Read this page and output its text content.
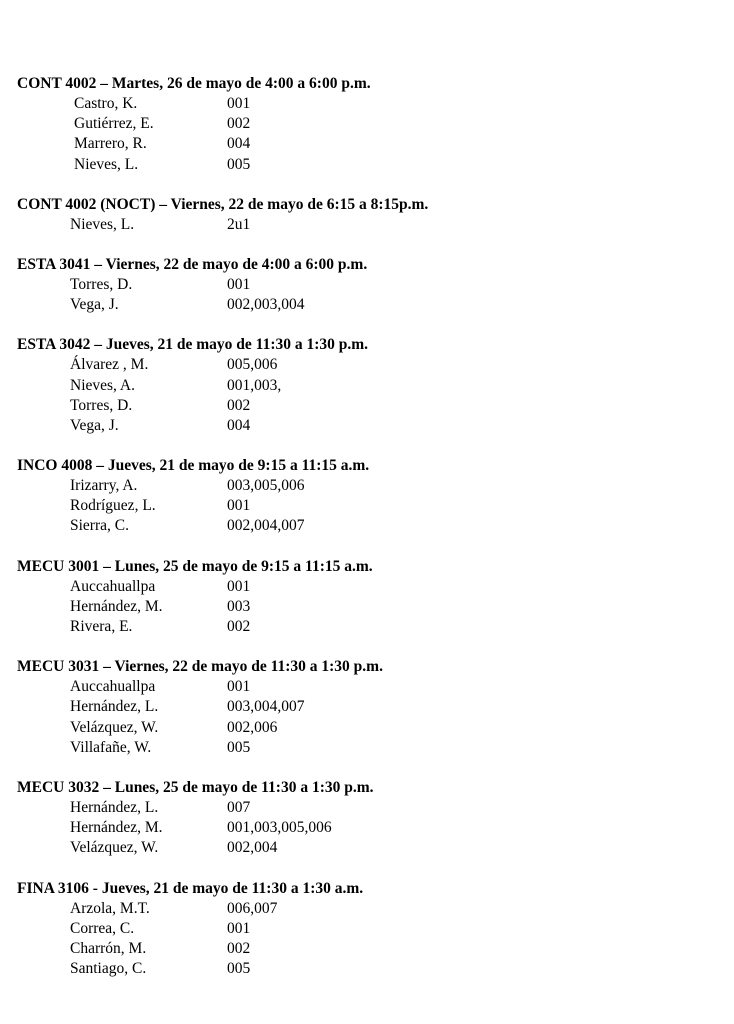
CONT 4002 – Martes, 26 de mayo de 4:00 a 6:00 p.m.
Castro, K.	001
Gutiérrez, E.	002
Marrero, R.	004
Nieves, L.	005
CONT 4002 (NOCT) – Viernes, 22 de mayo de 6:15 a 8:15p.m.
Nieves, L.	2u1
ESTA 3041 – Viernes, 22 de mayo de 4:00 a 6:00 p.m.
Torres, D.	001
Vega, J.	002,003,004
ESTA 3042 – Jueves, 21 de mayo de 11:30 a 1:30 p.m.
Álvarez , M.	005,006
Nieves, A.	001,003,
Torres, D.	002
Vega, J.	004
INCO 4008 – Jueves, 21 de mayo de 9:15 a 11:15 a.m.
Irizarry, A.	003,005,006
Rodríguez, L.	001
Sierra, C.	002,004,007
MECU 3001 – Lunes, 25 de mayo de 9:15 a 11:15 a.m.
Auccahuallpa	001
Hernández, M.	003
Rivera, E.	002
MECU 3031 – Viernes, 22 de mayo de 11:30 a 1:30 p.m.
Auccahuallpa	001
Hernández, L.	003,004,007
Velázquez, W.	002,006
Villafañe, W.	005
MECU 3032 – Lunes, 25 de mayo de 11:30 a 1:30 p.m.
Hernández, L.	007
Hernández, M.	001,003,005,006
Velázquez, W.	002,004
FINA 3106 - Jueves, 21 de mayo de 11:30 a 1:30 a.m.
Arzola, M.T.	006,007
Correa, C.	001
Charrón, M.	002
Santiago, C.	005
